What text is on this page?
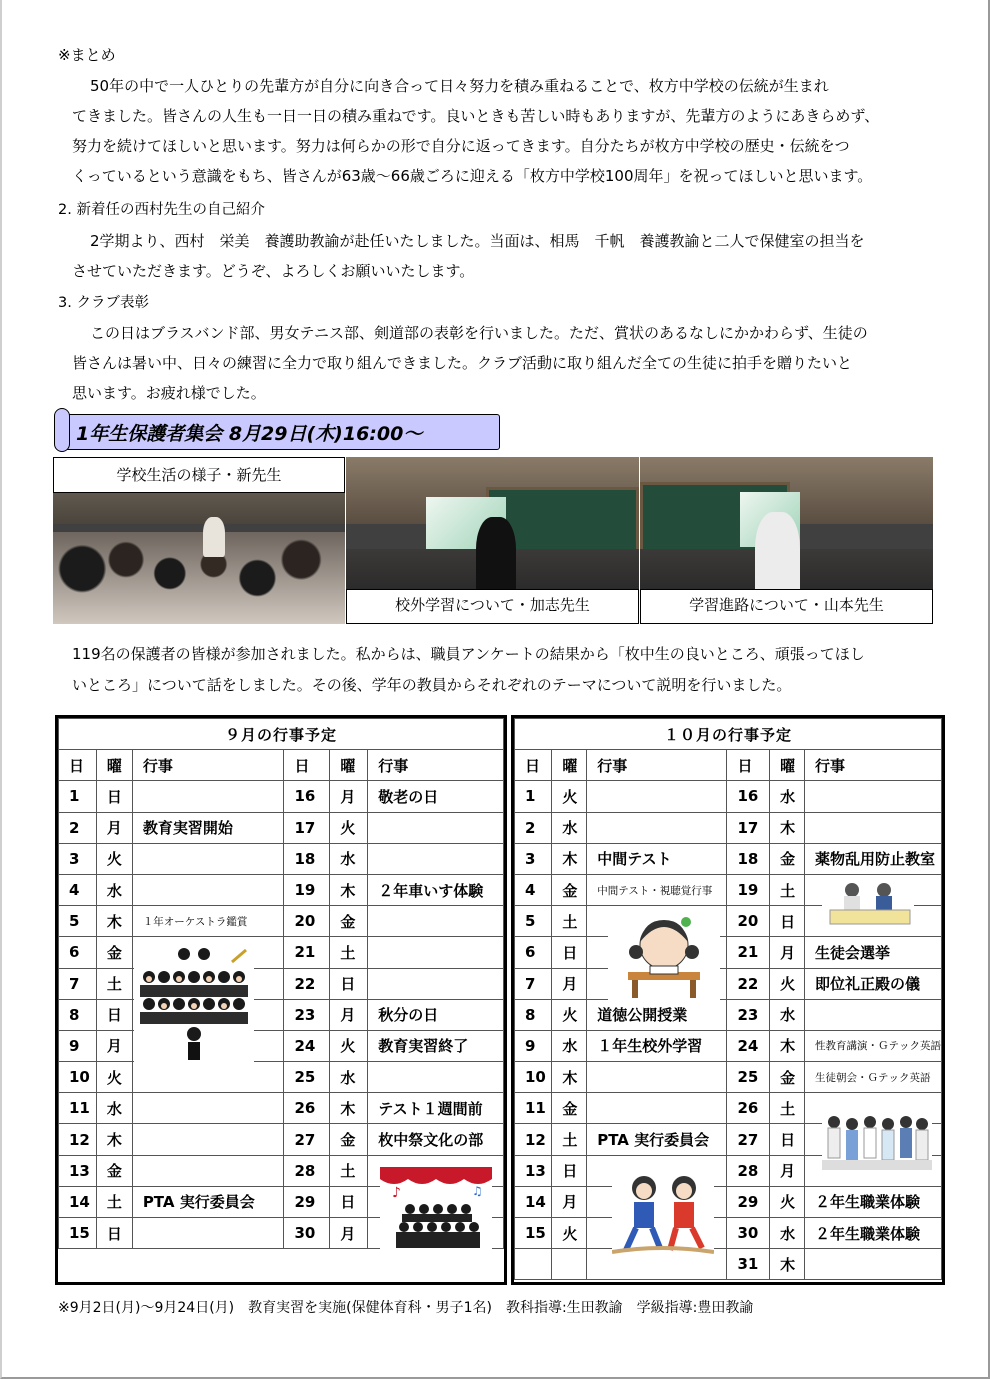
※まとめ
50年の中で一人ひとりの先輩方が自分に向き合って日々努力を積み重ねることで、枚方中学校の伝統が生まれ
てきました。皆さんの人生も一日一日の積み重ねです。良いときも苦しい時もありますが、先輩方のようにあきらめず、
努力を続けてほしいと思います。努力は何らかの形で自分に返ってきます。自分たちが枚方中学校の歴史・伝統をつ
くっているという意識をもち、皆さんが63歳～66歳ごろに迎える「枚方中学校100周年」を祝ってほしいと思います。
2. 新着任の西村先生の自己紹介
2学期より、西村　栄美　養護助教諭が赴任いたしました。当面は、相馬　千帆　養護教諭と二人で保健室の担当を
させていただきます。どうぞ、よろしくお願いいたします。
3. クラブ表彰
この日はブラスバンド部、男女テニス部、剣道部の表彰を行いました。ただ、賞状のあるなしにかかわらず、生徒の
皆さんは暑い中、日々の練習に全力で取り組んできました。クラブ活動に取り組んだ全ての生徒に拍手を贈りたいと
思います。お疲れ様でした。
1年生保護者集会 8月29日(木)16:00～
学校生活の様子・新先生
校外学習について・加志先生	学習進路について・山本先生
119名の保護者の皆様が参加されました。私からは、職員アンケートの結果から「枚中生の良いところ、頑張ってほし
いところ」について話をしました。その後、学年の教員からそれぞれのテーマについて説明を行いました。
９月の行事予定					
日	曜	行事	日	曜	行事
1	日		16	月	敬老の日
2	月	教育実習開始	17	火	
3	火		18	水	
4	水		19	木	２年車いす体験
5	木	１年オーケストラ鑑賞	20	金	
6	金		21	土	
7	土		22	日	
8	日		23	月	秋分の日
9	月		24	火	教育実習終了
10	火		25	水	
11	水		26	木	テスト１週間前
12	木		27	金	枚中祭文化の部
13	金		28	土	
14	土	PTA 実行委員会	29	日	
15	日		30	月	
１０月の行事予定					
日	曜	行事	日	曜	行事
1	火		16	水	
2	水		17	木	
3	木	中間テスト	18	金	薬物乱用防止教室
4	金	中間テスト・視聴覚行事	19	土	
5	土		20	日	
6	日		21	月	生徒会選挙
7	月		22	火	即位礼正殿の儀
8	火	道徳公開授業	23	水	
9	水	１年生校外学習	24	木	性教育講演・Ｇテック英語
10	木		25	金	生徒朝会・Ｇテック英語
11	金		26	土	
12	土	PTA 実行委員会	27	日	
13	日		28	月	
14	月		29	火	２年生職業体験
15	火		30	水	２年生職業体験
			31	木	
♪	♫
※9月2日(月)～9月24日(月)　教育実習を実施(保健体育科・男子1名)　教科指導:生田教諭　学級指導:豊田教諭
